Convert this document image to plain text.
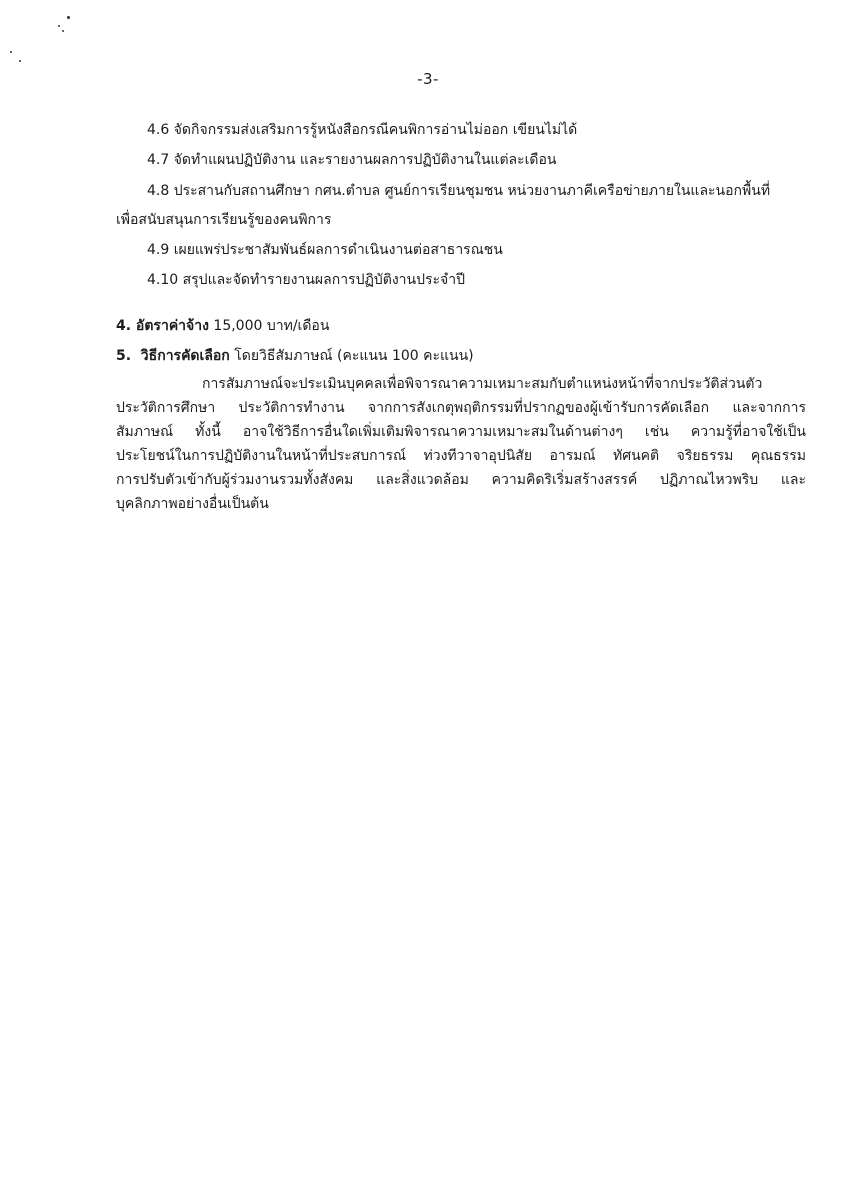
-3-
4.6 จัดกิจกรรมส่งเสริมการรู้หนังสือกรณีคนพิการอ่านไม่ออก เขียนไม่ได้
4.7 จัดทำแผนปฏิบัติงาน และรายงานผลการปฏิบัติงานในแต่ละเดือน
4.8 ประสานกับสถานศึกษา กศน.ตำบล ศูนย์การเรียนชุมชน หน่วยงานภาคีเครือข่ายภายในและนอกพื้นที่
เพื่อสนับสนุนการเรียนรู้ของคนพิการ
4.9 เผยแพร่ประชาสัมพันธ์ผลการดำเนินงานต่อสาธารณชน
4.10 สรุปและจัดทำรายงานผลการปฏิบัติงานประจำปี
4. อัตราค่าจ้าง 15,000 บาท/เดือน
5.  วิธีการคัดเลือก โดยวิธีสัมภาษณ์ (คะแนน 100 คะแนน)
การสัมภาษณ์จะประเมินบุคคลเพื่อพิจารณาความเหมาะสมกับตำแหน่งหน้าที่จากประวัติส่วนตัว
ประวัติการศึกษา ประวัติการทำงาน จากการสังเกตุพฤติกรรมที่ปรากฏของผู้เข้ารับการคัดเลือก และจากการ
สัมภาษณ์ ทั้งนี้ อาจใช้วิธีการอื่นใดเพิ่มเติมพิจารณาความเหมาะสมในด้านต่างๆ เช่น ความรู้ที่อาจใช้เป็น
ประโยชน์ในการปฏิบัติงานในหน้าที่ประสบการณ์ ท่วงทีวาจาอุปนิสัย อารมณ์ ทัศนคติ จริยธรรม คุณธรรม
การปรับตัวเข้ากับผู้ร่วมงานรวมทั้งสังคม และสิ่งแวดล้อม ความคิดริเริ่มสร้างสรรค์ ปฏิภาณไหวพริบ และ
บุคลิกภาพอย่างอื่นเป็นต้น
